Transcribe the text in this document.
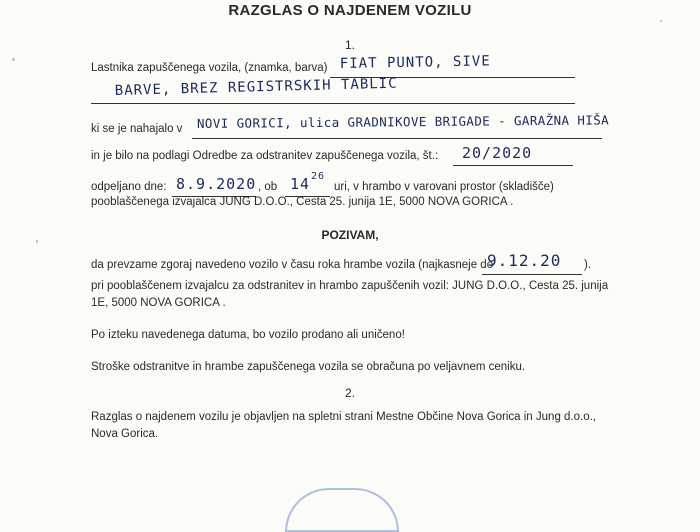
RAZGLAS O NAJDENEM VOZILU
1.
Lastnika zapuščenega vozila, (znamka, barva) FIAT PUNTO, SIVE
BARVE, BREZ REGISTRSKIH TABLIC
ki se je nahajalo v NOVI GORICI, ulica GRADNIKOVE BRIGADE - GARAŽNA HIŠA
in je bilo na podlagi Odredbe za odstranitev zapuščenega vozila, št.: 20/2020
odpeljano dne: 8.9.2020 , ob 14 26
uri, v hrambo v varovani prostor (skladišče)
pooblaščenega izvajalca JUNG D.O.O., Cesta 25. junija 1E, 5000 NOVA GORICA .
POZIVAM,
da prevzame zgoraj navedeno vozilo v času roka hrambe vozila (najkasneje do
9.12.20 ).
pri pooblaščenem izvajalcu za odstranitev in hrambo zapuščenih vozil: JUNG D.O.O., Cesta 25. junija
1E, 5000 NOVA GORICA .
Po izteku navedenega datuma, bo vozilo prodano ali uničeno!
Stroške odstranitve in hrambe zapuščenega vozila se obračuna po veljavnem ceniku.
2.
Razglas o najdenem vozilu je objavljen na spletni strani Mestne Občine Nova Gorica in Jung d.o.o.,
Nova Gorica.
